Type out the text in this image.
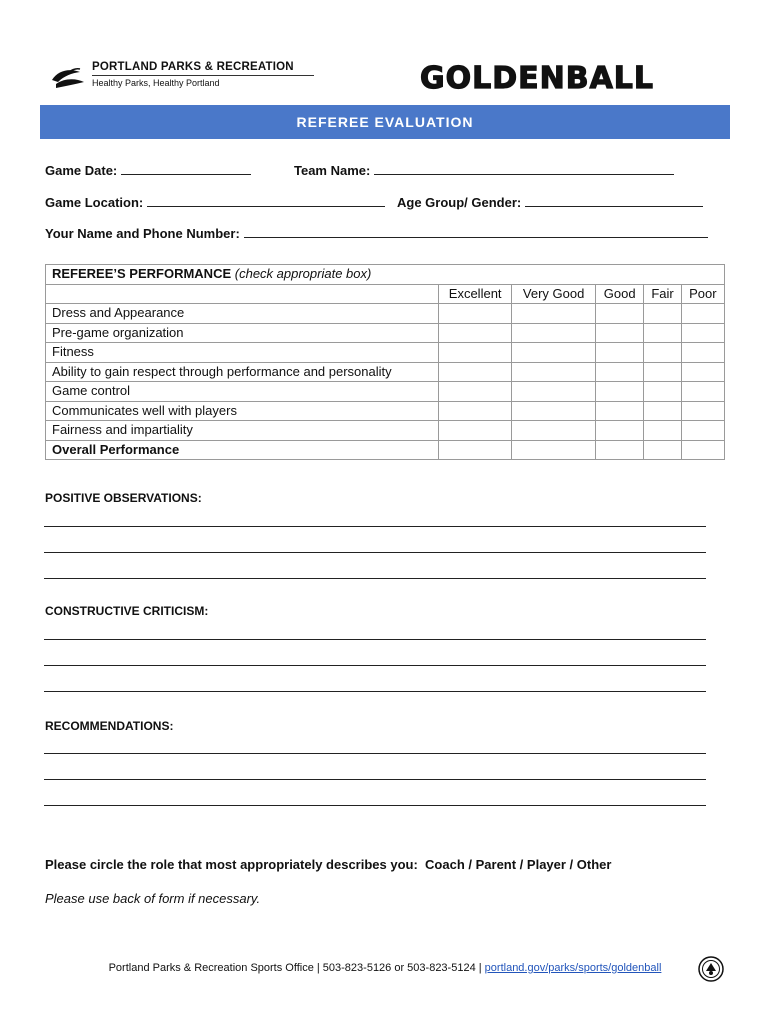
PORTLAND PARKS & RECREATION
Healthy Parks, Healthy Portland	GOLDENBALL
REFEREE EVALUATION
Game Date:	Team Name:
Game Location:	Age Group/ Gender:
Your Name and Phone Number:
REFEREE’S PERFORMANCE (check appropriate box)					
	Excellent	Very Good	Good	Fair	Poor
Dress and Appearance					
Pre-game organization					
Fitness					
Ability to gain respect through performance and personality					
Game control					
Communicates well with players					
Fairness and impartiality					
Overall Performance					
POSITIVE OBSERVATIONS:
CONSTRUCTIVE CRITICISM:
RECOMMENDATIONS:
Please circle the role that most appropriately describes you: Coach / Parent / Player / Other
Please use back of form if necessary.
Portland Parks & Recreation Sports Office | 503-823-5126 or 503-823-5124 | portland.gov/parks/sports/goldenball
